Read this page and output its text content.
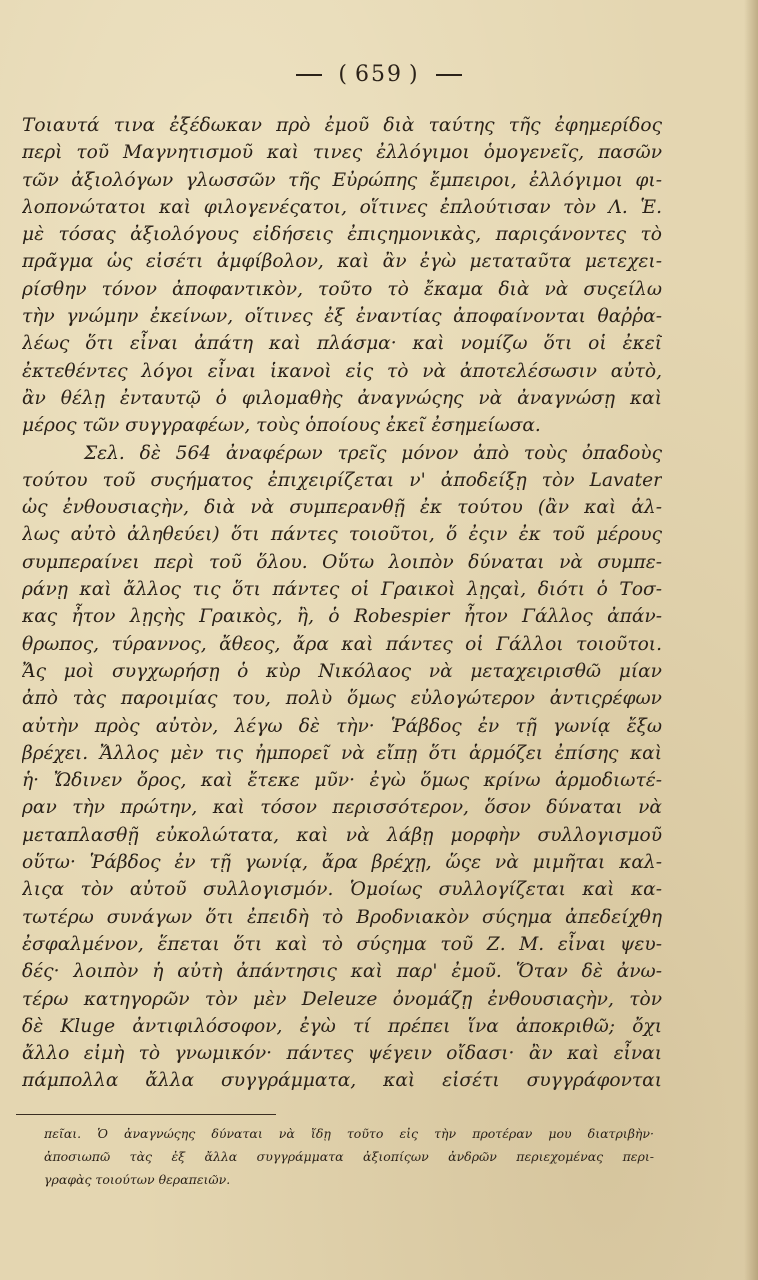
( 659 )
Τοιαυτά τινα ἐξέδωκαν πρὸ ἐμοῦ διὰ ταύτης τῆς ἐφημερίδος
περὶ τοῦ Μαγνητισμοῦ καὶ τινες ἐλλόγιμοι ὁμογενεῖς, πασῶν
τῶν ἀξιολόγων γλωσσῶν τῆς Εὐρώπης ἔμπειροι, ἐλλόγιμοι φι-
λοπονώτατοι καὶ φιλογενέςατοι, οἵτινες ἐπλούτισαν τὸν Λ. Ἑ.
μὲ τόσας ἀξιολόγους εἰδήσεις ἐπιςημονικὰς, παριςάνοντες τὸ
πρᾶγμα ὡς εἰσέτι ἀμφίβολον, καὶ ἂν ἐγὼ μεταταῦτα μετεχει-
ρίσθην τόνον ἀποφαντικὸν, τοῦτο τὸ ἔκαμα διὰ νὰ συςείλω
τὴν γνώμην ἐκείνων, οἵτινες ἐξ ἐναντίας ἀποφαίνονται θαῤῥα-
λέως ὅτι εἶναι ἀπάτη καὶ πλάσμα· καὶ νομίζω ὅτι οἱ ἐκεῖ
ἐκτεθέντες λόγοι εἶναι ἱκανοὶ εἰς τὸ νὰ ἀποτελέσωσιν αὐτὸ,
ἂν θέλῃ ἐνταυτῷ ὁ φιλομαθὴς ἀναγνώςης νὰ ἀναγνώσῃ καὶ
μέρος τῶν συγγραφέων, τοὺς ὁποίους ἐκεῖ ἐσημείωσα.
Σελ. δὲ 564 ἀναφέρων τρεῖς μόνον ἀπὸ τοὺς ὀπαδοὺς
τούτου τοῦ συςήματος ἐπιχειρίζεται ν' ἀποδείξῃ τὸν Lavater
ὡς ἐνθουσιαςὴν, διὰ νὰ συμπερανθῇ ἐκ τούτου (ἂν καὶ ἀλ-
λως αὐτὸ ἀληθεύει) ὅτι πάντες τοιοῦτοι, ὅ ἐςιν ἐκ τοῦ μέρους
συμπεραίνει περὶ τοῦ ὅλου. Οὕτω λοιπὸν δύναται νὰ συμπε-
ράνῃ καὶ ἄλλος τις ὅτι πάντες οἱ Γραικοὶ λῃςαὶ, διότι ὁ Τοσ-
κας ἦτον λῃςὴς Γραικὸς, ἢ, ὁ Robespier ἦτον Γάλλος ἀπάν-
θρωπος, τύραννος, ἄθεος, ἄρα καὶ πάντες οἱ Γάλλοι τοιοῦτοι.
Ἄς μοὶ συγχωρήσῃ ὁ κὺρ Νικόλαος νὰ μεταχειρισθῶ μίαν
ἀπὸ τὰς παροιμίας του, πολὺ ὅμως εὐλογώτερον ἀντιςρέφων
αὐτὴν πρὸς αὐτὸν, λέγω δὲ τὴν· Ῥάβδος ἐν τῇ γωνίᾳ ἔξω
βρέχει. Ἄλλος μὲν τις ἠμπορεῖ νὰ εἴπῃ ὅτι ἁρμόζει ἐπίσης καὶ
ἡ· Ὤδινεν ὄρος, καὶ ἔτεκε μῦν· ἐγὼ ὅμως κρίνω ἁρμοδιωτέ-
ραν τὴν πρώτην, καὶ τόσον περισσότερον, ὅσον δύναται νὰ
μεταπλασθῇ εὐκολώτατα, καὶ νὰ λάβῃ μορφὴν συλλογισμοῦ
οὕτω· Ῥάβδος ἐν τῇ γωνίᾳ, ἄρα βρέχῃ, ὥςε νὰ μιμῆται καλ-
λιςα τὸν αὐτοῦ συλλογισμόν. Ὁμοίως συλλογίζεται καὶ κα-
τωτέρω συνάγων ὅτι ἐπειδὴ τὸ Βροδνιακὸν σύςημα ἀπεδείχθη
ἐσφαλμένον, ἕπεται ὅτι καὶ τὸ σύςημα τοῦ Ζ. Μ. εἶναι ψευ-
δές· λοιπὸν ἡ αὐτὴ ἀπάντησις καὶ παρ' ἐμοῦ. Ὅταν δὲ ἀνω-
τέρω κατηγορῶν τὸν μὲν Deleuze ὀνομάζῃ ἐνθουσιαςὴν, τὸν
δὲ Kluge ἀντιφιλόσοφον, ἐγὼ τί πρέπει ἵνα ἀποκριθῶ; ὄχι
ἄλλο εἰμὴ τὸ γνωμικόν· πάντες ψέγειν οἴδασι· ἂν καὶ εἶναι
πάμπολλα ἄλλα συγγράμματα, καὶ εἰσέτι συγγράφονται
πεῖαι. Ὁ ἀναγνώςης δύναται νὰ ἴδῃ τοῦτο εἰς τὴν προτέραν μου διατριβὴν·
ἀποσιωπῶ τὰς ἐξ ἄλλα συγγράμματα ἀξιοπίςων ἀνδρῶν περιεχομένας περι-
γραφὰς τοιούτων θεραπειῶν.
